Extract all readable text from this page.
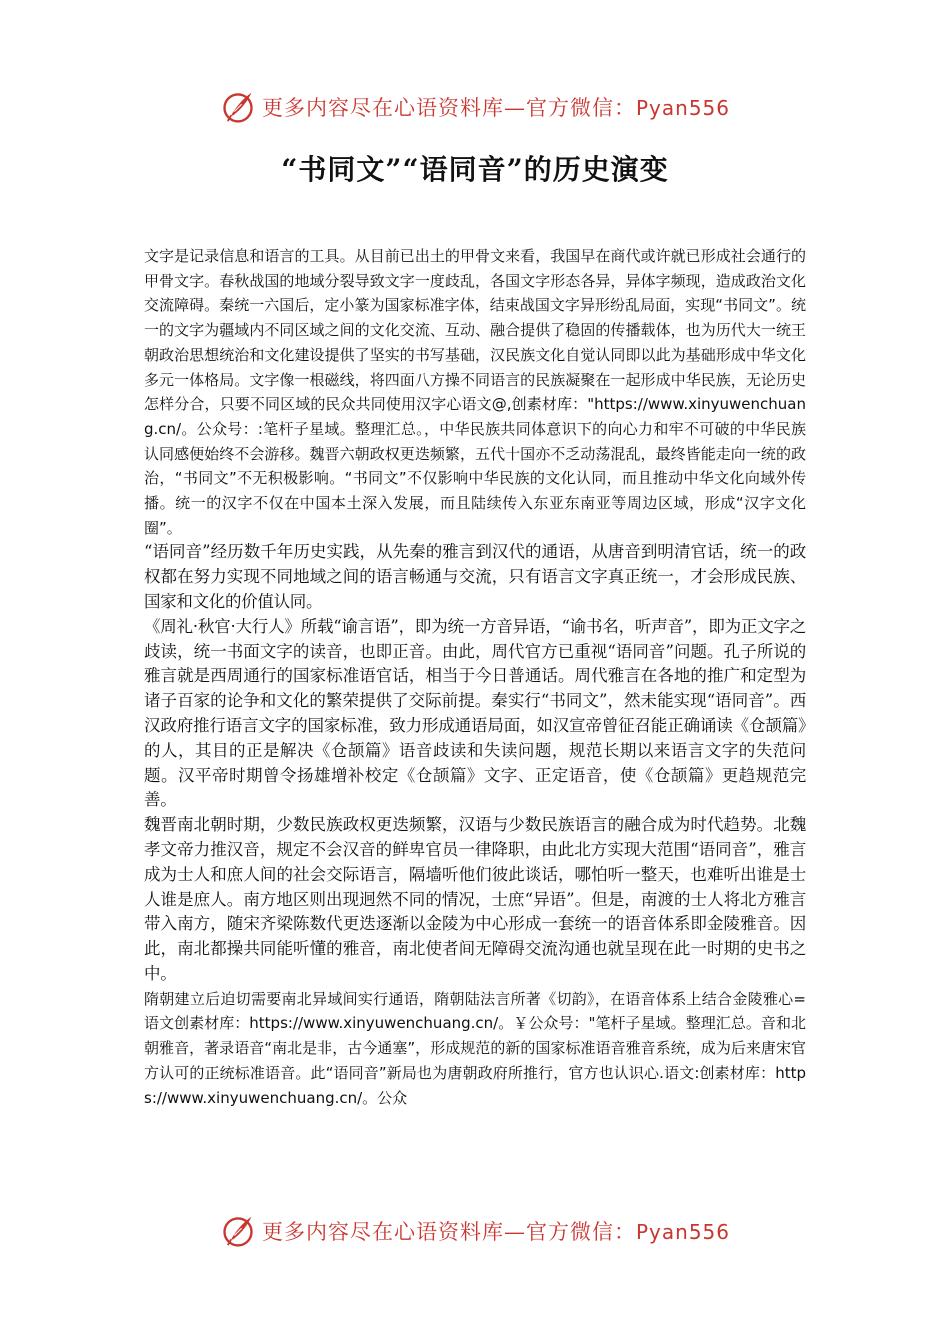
更多内容尽在心语资料库—官方微信：Pyan556
“书同文”“语同音”的历史演变

文字是记录信息和语言的工具。从目前已出土的甲骨文来看，我国早在商代或许就已形成社会通行的甲骨文字。春秋战国的地域分裂导致文字一度歧乱，各国文字形态各异，异体字频现，造成政治文化交流障碍。秦统一六国后，定小篆为国家标准字体，结束战国文字异形纷乱局面，实现“书同文”。统一的文字为疆域内不同区域之间的文化交流、互动、融合提供了稳固的传播载体，也为历代大一统王朝政治思想统治和文化建设提供了坚实的书写基础，汉民族文化自觉认同即以此为基础形成中华文化多元一体格局。文字像一根磁线，将四面八方操不同语言的民族凝聚在一起形成中华民族，无论历史怎样分合，只要不同区域的民众共同使用汉字心语文@,创素材库："https://www.xinyuwenchuang.cn/。公众号：:笔杆子星域。整理汇总。，中华民族共同体意识下的向心力和牢不可破的中华民族认同感便始终不会游移。魏晋六朝政权更迭频繁，五代十国亦不乏动荡混乱，最终皆能走向一统的政治，“书同文”不无积极影响。“书同文”不仅影响中华民族的文化认同，而且推动中华文化向域外传播。统一的汉字不仅在中国本土深入发展，而且陆续传入东亚东南亚等周边区域，形成“汉字文化圈”。

“语同音”经历数千年历史实践，从先秦的雅言到汉代的通语，从唐音到明清官话，统一的政权都在努力实现不同地域之间的语言畅通与交流，只有语言文字真正统一，才会形成民族、国家和文化的价值认同。

《周礼·秋官·大行人》所载“谕言语”，即为统一方音异语，“谕书名，听声音”，即为正文字之歧读，统一书面文字的读音，也即正音。由此，周代官方已重视“语同音”问题。孔子所说的雅言就是西周通行的国家标准语官话，相当于今日普通话。周代雅言在各地的推广和定型为诸子百家的论争和文化的繁荣提供了交际前提。秦实行“书同文”，然未能实现“语同音”。西汉政府推行语言文字的国家标准，致力形成通语局面，如汉宣帝曾征召能正确诵读《仓颉篇》的人，其目的正是解决《仓颉篇》语音歧读和失读问题，规范长期以来语言文字的失范问题。汉平帝时期曾令扬雄增补校定《仓颉篇》文字、正定语音，使《仓颉篇》更趋规范完善。

魏晋南北朝时期，少数民族政权更迭频繁，汉语与少数民族语言的融合成为时代趋势。北魏孝文帝力推汉音，规定不会汉音的鲜卑官员一律降职，由此北方实现大范围“语同音”，雅言成为士人和庶人间的社会交际语言，隔墙听他们彼此谈话，哪怕听一整天，也难听出谁是士人谁是庶人。南方地区则出现迥然不同的情况，士庶“异语”。但是，南渡的士人将北方雅言带入南方，随宋齐梁陈数代更迭逐渐以金陵为中心形成一套统一的语音体系即金陵雅音。因此，南北都操共同能听懂的雅音，南北使者间无障碍交流沟通也就呈现在此一时期的史书之中。

隋朝建立后迫切需要南北异域间实行通语，隋朝陆法言所著《切韵》，在语音体系上结合金陵雅心=语文创素材库：https://www.xinyuwenchuang.cn/。￥公众号："笔杆子星域。整理汇总。音和北朝雅音，著录语音“南北是非，古今通塞”，形成规范的新的国家标准语音雅音系统，成为后来唐宋官方认可的正统标准语音。此“语同音”新局也为唐朝政府所推行，官方也认识心.语文:创素材库：https://www.xinyuwenchuang.cn/。公众

更多内容尽在心语资料库—官方微信：Pyan556
